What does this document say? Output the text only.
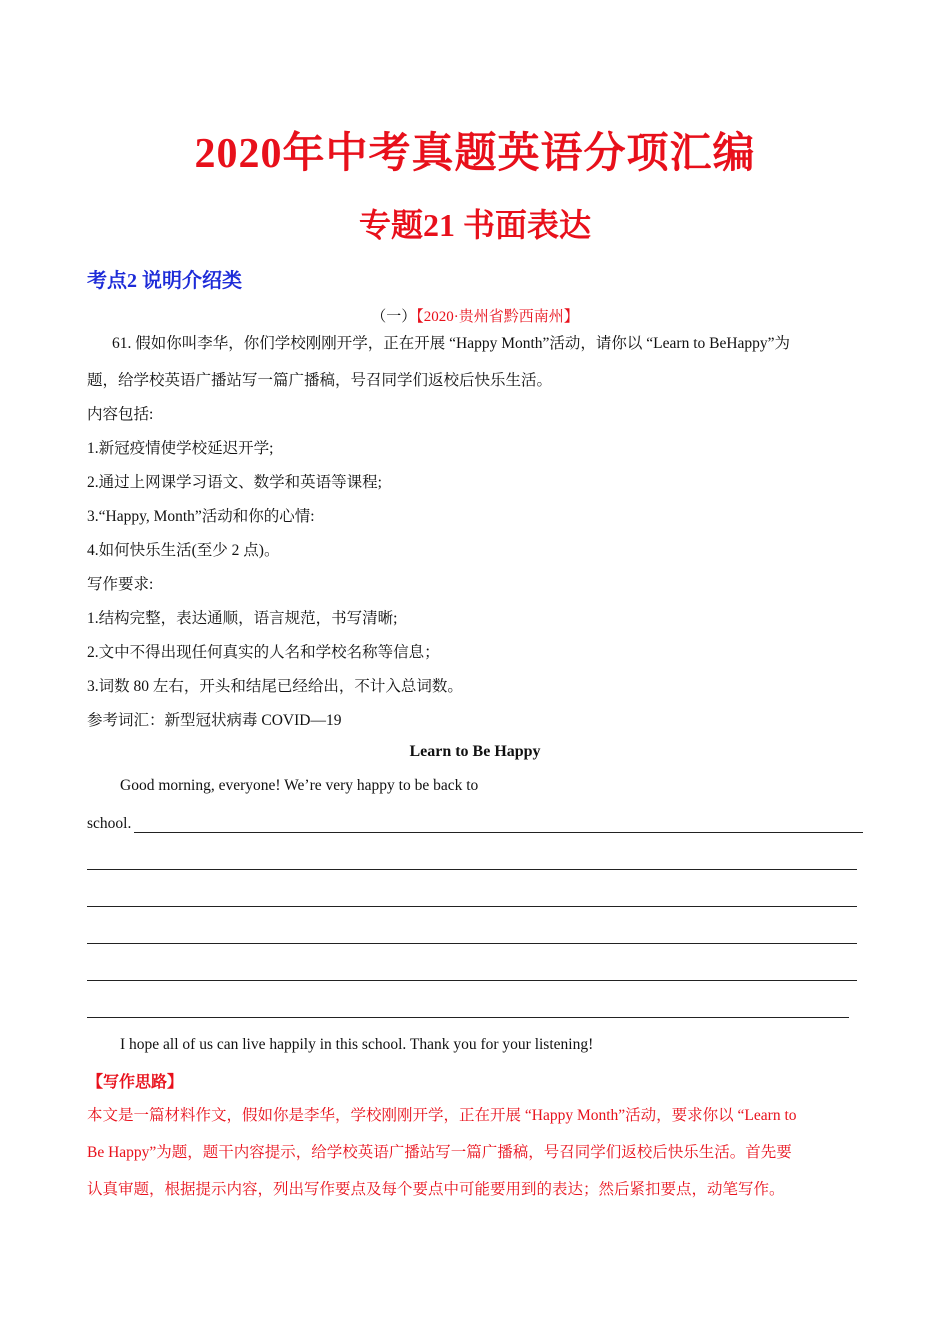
2020年中考真题英语分项汇编
专题21 书面表达
考点2 说明介绍类
（一）【2020·贵州省黔西南州】
61. 假如你叫李华，你们学校刚刚开学，正在开展 “Happy Month”活动，请你以 “Learn to BeHappy”为
题，给学校英语广播站写一篇广播稿，号召同学们返校后快乐生活。
内容包括:
1.新冠疫情使学校延迟开学;
2.通过上网课学习语文、数学和英语等课程;
3.“Happy, Month”活动和你的心情:
4.如何快乐生活(至少 2 点)。
写作要求:
1.结构完整，表达通顺，语言规范，书写清晰;
2.文中不得出现任何真实的人名和学校名称等信息；
3.词数 80 左右，开头和结尾已经给出，不计入总词数。
参考词汇：新型冠状病毒 COVID—19
Learn to Be Happy
Good morning, everyone! We’re very happy to be back to
school.
I hope all of us can live happily in this school. Thank you for your listening!
【写作思路】
本文是一篇材料作文，假如你是李华，学校刚刚开学，正在开展 “Happy Month”活动，要求你以 “Learn to
Be Happy”为题，题干内容提示，给学校英语广播站写一篇广播稿，号召同学们返校后快乐生活。首先要
认真审题，根据提示内容，列出写作要点及每个要点中可能要用到的表达；然后紧扣要点，动笔写作。
